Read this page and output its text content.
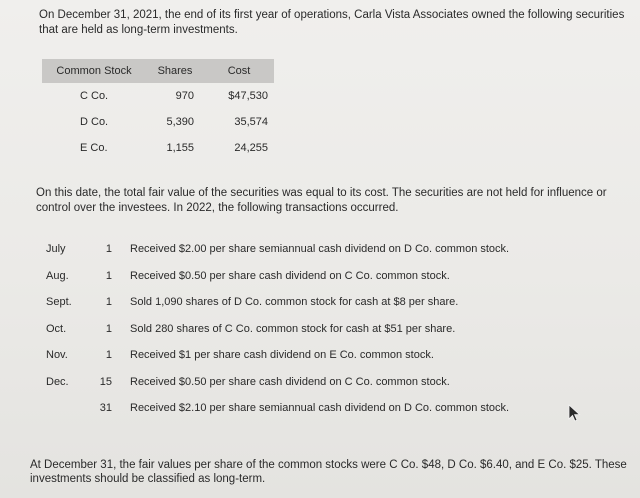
On December 31, 2021, the end of its first year of operations, Carla Vista Associates owned the following securities that are held as long-term investments.

Common Stock	Shares	Cost
C Co.	970	$47,530
D Co.	5,390	35,574
E Co.	1,155	24,255

On this date, the total fair value of the securities was equal to its cost. The securities are not held for influence or control over the investees. In 2022, the following transactions occurred.

July	1	Received $2.00 per share semiannual cash dividend on D Co. common stock.
Aug.	1	Received $0.50 per share cash dividend on C Co. common stock.
Sept.	1	Sold 1,090 shares of D Co. common stock for cash at $8 per share.
Oct.	1	Sold 280 shares of C Co. common stock for cash at $51 per share.
Nov.	1	Received $1 per share cash dividend on E Co. common stock.
Dec.	15	Received $0.50 per share cash dividend on C Co. common stock.
	31	Received $2.10 per share semiannual cash dividend on D Co. common stock.

At December 31, the fair values per share of the common stocks were C Co. $48, D Co. $6.40, and E Co. $25. These investments should be classified as long-term.
